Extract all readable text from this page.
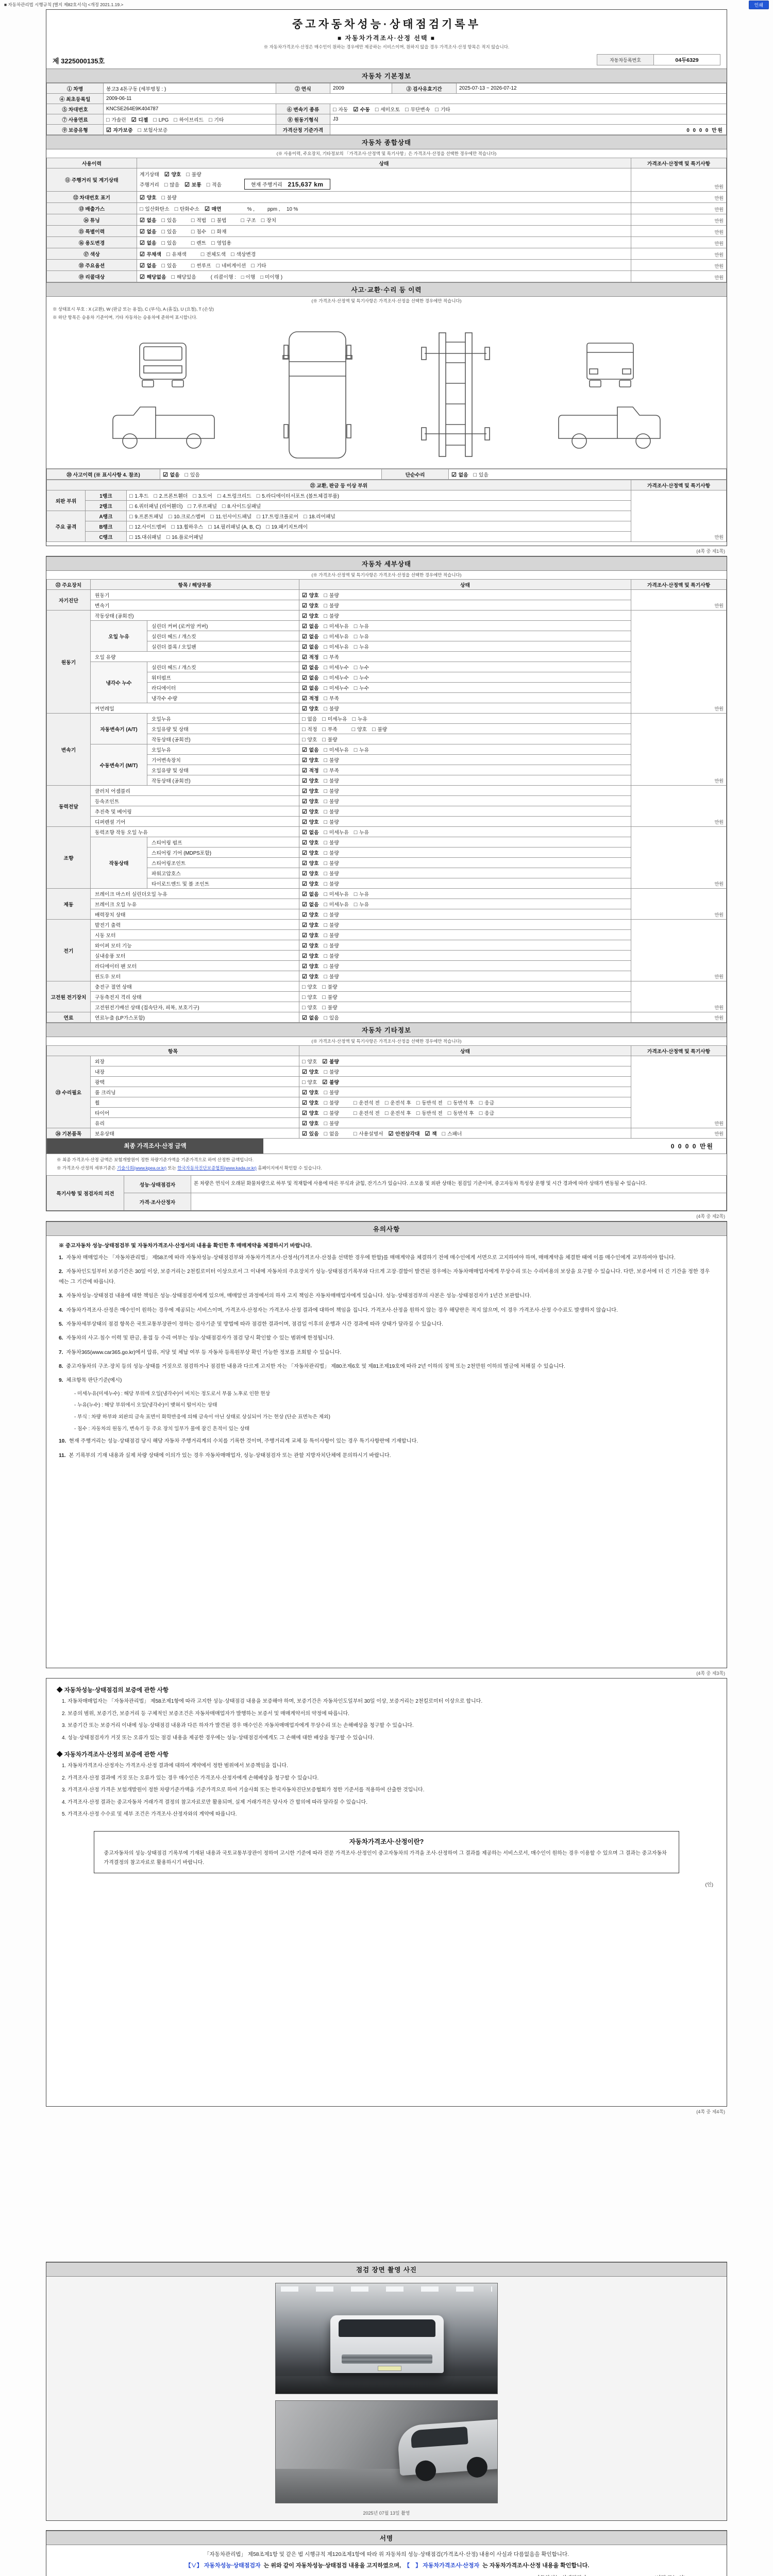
■ 자동차관리법 시행규칙 [별지 제82호서식] <개정 2021.1.19.>	인쇄
중고자동차성능·상태점검기록부
■ 자동차가격조사·산정 선택 ■
※ 자동차가격조사·산정은 매수인이 원하는 경우에만 제공하는 서비스이며, 원하지 않을 경우 가격조사·산정 항목은 적지 않습니다.
제 3225000135호	자동차등록번호	04두6329
자동차 기본정보
① 차명	봉고3 4톤구동 (세부명칭 : )	② 연식	2009	③ 검사유효기간	2025-07-13 ~ 2026-07-12
④ 최초등록일	2009-06-11				
⑤ 차대번호	KNCSE264E9K404787	⑥ 변속기 종류	□ 자동 ☑ 수동 □ 세미오토 □ 무단변속 □ 기타		
⑦ 사용연료	□ 가솔린 ☑ 디젤 □ LPG □ 하이브리드 □ 기타	⑧ 원동기형식	J3		
⑨ 보증유형	☑ 자가보증 □ 보험사보증	가격산정 기준가격	0 0 0 0 만원		
자동차 종합상태
(※ 사용이력, 주요장치, 기타정보의 「가격조사·산정액 및 특기사항」은 가격조사·산정을 선택한 경우에만 적습니다)
사용이력	상태	가격조사·산정액 및 특기사항
⑪ 주행거리 및 계기상태	계기상태 ☑ 양호 □ 불량
주행거리 □ 많음 ☑ 보통 □ 적음 현재 주행거리 215,637 km	만원
⑫ 차대번호 표기	☑ 양호 □ 불량	만원
⑬ 배출가스	□ 일산화탄소 □ 탄화수소 ☑ 매연 　　 % , 　　 ppm , 　10 %	만원
⑭ 튜닝	☑ 없음 □ 있음 □ 적법 □ 불법 □ 구조 □ 장치	만원
⑮ 특별이력	☑ 없음 □ 있음 □ 침수 □ 화재	만원
⑯ 용도변경	☑ 없음 □ 있음 □ 렌트 □ 영업용	만원
⑰ 색상	☑ 무채색 □ 유채색 □ 전체도색 □ 색상변경	만원
⑱ 주요옵션	☑ 없음 □ 있음 □ 썬루프 □ 네비게이션 □ 기타	만원
⑲ 리콜대상	☑ 해당없음 □ 해당있음 ( 리콜이행 :　□ 이행　□ 미이행 )	만원
사고·교환·수리 등 이력
(※ 가격조사·산정액 및 특기사항은 가격조사·산정을 선택한 경우에만 적습니다)
※ 상태표시 부호 : X (교환), W (판금 또는 용접), C (부식), A (흠집), U (요철), T (손상)
※ 하단 항목은 승용차 기준이며, 기타 자동차는 승용차에 준하여 표시합니다.
⑳ 사고이력 (※ 표시사항 4. 참조)	☑ 없음 □ 있음	단순수리	☑ 없음 □ 있음
㉑ 교환, 판금 등 이상 부위			가격조사·산정액 및 특기사항
외판 부위	1랭크	□ 1.후드 □ 2.프론트휀더 □ 3.도어 □ 4.트렁크리드 □ 5.라디에이터서포트 (볼트체결부품)	만원
	2랭크	□ 6.쿼터패널 (리어휀더) □ 7.루프패널 □ 8.사이드실패널	
주요 골격	A랭크	□ 9.프론트패널 □ 10.크로스멤버 □ 11.인사이드패널 □ 17.트렁크플로어 □ 18.리어패널	
	B랭크	□ 12.사이드멤버 □ 13.휠하우스 □ 14.필러패널 (A, B, C) □ 19.패키지트레이	
	C랭크	□ 15.대쉬패널 □ 16.플로어패널	
(4쪽 중 제1쪽)
자동차 세부상태
(※ 가격조사·산정액 및 특기사항은 가격조사·산정을 선택한 경우에만 적습니다)
㉒ 주요장치	항목 / 해당부품		상태	가격조사·산정액 및 특기사항
자기진단	원동기		☑ 양호 □ 불량	만원
	변속기		☑ 양호 □ 불량	
원동기	작동상태 (공회전)		☑ 양호 □ 불량	만원
	오일 누유	실린더 커버 (로커암 커버)	☑ 없음 □ 미세누유 □ 누유	
		실린더 헤드 / 개스킷	☑ 없음 □ 미세누유 □ 누유	
		실린더 블록 / 오일팬	☑ 없음 □ 미세누유 □ 누유	
	오일 유량		☑ 적정 □ 부족	
	냉각수 누수	실린더 헤드 / 개스킷	☑ 없음 □ 미세누수 □ 누수	
		워터펌프	☑ 없음 □ 미세누수 □ 누수	
		라디에이터	☑ 없음 □ 미세누수 □ 누수	
		냉각수 수량	☑ 적정 □ 부족	
	커먼레일		☑ 양호 □ 불량	
변속기	자동변속기 (A/T)	오일누유	□ 없음 □ 미세누유 □ 누유	만원
		오일유량 및 상태	□ 적정 □ 부족 □ 양호 □ 불량	
		작동상태 (공회전)	□ 양호 □ 불량	
	수동변속기 (M/T)	오일누유	☑ 없음 □ 미세누유 □ 누유	
		기어변속장치	☑ 양호 □ 불량	
		오일유량 및 상태	☑ 적정 □ 부족	
		작동상태 (공회전)	☑ 양호 □ 불량	
동력전달	클러치 어셈블리		☑ 양호 □ 불량	만원
	등속조인트		☑ 양호 □ 불량	
	추진축 및 베어링		☑ 양호 □ 불량	
	디퍼렌셜 기어		☑ 양호 □ 불량	
조향	동력조향 작동 오일 누유		☑ 없음 □ 미세누유 □ 누유	만원
	작동상태	스티어링 펌프	☑ 양호 □ 불량	
		스티어링 기어 (MDPS포함)	☑ 양호 □ 불량	
		스티어링조인트	☑ 양호 □ 불량	
		파워고압호스	☑ 양호 □ 불량	
		타이로드엔드 및 볼 조인트	☑ 양호 □ 불량	
제동	브레이크 마스터 실린더오일 누유		☑ 없음 □ 미세누유 □ 누유	만원
	브레이크 오일 누유		☑ 없음 □ 미세누유 □ 누유	
	배력장치 상태		☑ 양호 □ 불량	
전기	발전기 출력		☑ 양호 □ 불량	만원
	시동 모터		☑ 양호 □ 불량	
	와이퍼 모터 기능		☑ 양호 □ 불량	
	실내송풍 모터		☑ 양호 □ 불량	
	라디에이터 팬 모터		☑ 양호 □ 불량	
	윈도우 모터		☑ 양호 □ 불량	
고전원 전기장치	충전구 절연 상태		□ 양호 □ 불량	만원
	구동축전지 격리 상태		□ 양호 □ 불량	
	고전원전기배선 상태 (접속단자, 피복, 보호기구)		□ 양호 □ 불량	
연료	연료누출 (LP가스포함)		☑ 없음 □ 있음	만원
자동차 기타정보
(※ 가격조사·산정액 및 특기사항은 가격조사·산정을 선택한 경우에만 적습니다)
항목		상태	가격조사·산정액 및 특기사항
㉓ 수리필요	외장	□ 양호 ☑ 불량	만원
	내장	☑ 양호 □ 불량	
	광택	□ 양호 ☑ 불량	
	룸 크리닝	☑ 양호 □ 불량	
	휠	☑ 양호 □ 불량 □ 운전석 전 □ 운전석 후 □ 동반석 전 □ 동반석 후 □ 응급	
	타이어	☑ 양호 □ 불량 □ 운전석 전 □ 운전석 후 □ 동반석 전 □ 동반석 후 □ 응급	
	유리	☑ 양호 □ 불량	
㉔ 기본품목	보유상태	☑ 있음 □ 없음 □ 사용설명서 ☑ 안전삼각대 ☑ 잭 □ 스패너	만원
최종 가격조사·산정 금액	0 0 0 0 만원
※ 최종 가격조사·산정 금액은 보험개발원이 정한 차량기준가액을 기준가격으로 하여 산정한 금액입니다.
※ 가격조사·산정의 세부기준은 기술사회(www.kpea.or.kr) 또는 한국자동차진단보증협회(www.kada.or.kr) 홈페이지에서 확인할 수 있습니다.
특기사항 및 점검자의 의견	성능·상태점검자	본 차량은 연식이 오래된 화물차량으로 하부 및 적재함에 사용에 따른 부식과 긁힘, 잔기스가 있습니다. 소모품 및 외판 상태는 점검일 기준이며, 중고자동차 특성상 운행 및 시간 경과에 따라 상태가 변동될 수 있습니다.
	가격·조사산정자	
(4쪽 중 제2쪽)
유의사항
※ 중고자동차 성능·상태점검부 및 자동차가격조사·산정서의 내용을 확인한 후 매매계약을 체결하시기 바랍니다.
1. 자동차 매매업자는 「자동차관리법」 제58조에 따라 자동차성능·상태점검부와 자동차가격조사·산정서(가격조사·산정을 선택한 경우에 한함)를 매매계약을 체결하기 전에 매수인에게 서면으로 고지하여야 하며, 매매계약을 체결한 때에 이를 매수인에게 교부하여야 합니다.
2. 자동차인도일부터 보증기간은 30일 이상, 보증거리는 2천킬로미터 이상으로서 그 이내에 자동차의 주요장치가 성능·상태점검기록부와 다르게 고장·결함이 발견된 경우에는 자동차매매업자에게 무상수리 또는 수리비용의 보상을 요구할 수 있습니다. 다만, 보증서에 더 긴 기간을 정한 경우에는 그 기간에 따릅니다.
3. 자동차성능·상태점검 내용에 대한 책임은 성능·상태점검자에게 있으며, 매매알선 과정에서의 하자 고지 책임은 자동차매매업자에게 있습니다. 성능·상태점검부의 사본은 성능·상태점검자가 1년간 보관합니다.
4. 자동차가격조사·산정은 매수인이 원하는 경우에 제공되는 서비스이며, 가격조사·산정자는 가격조사·산정 결과에 대하여 책임을 집니다. 가격조사·산정을 원하지 않는 경우 해당란은 적지 않으며, 이 경우 가격조사·산정 수수료도 발생하지 않습니다.
5. 자동차세부상태의 점검 항목은 국토교통부장관이 정하는 검사기준 및 방법에 따라 점검한 결과이며, 점검일 이후의 운행과 시간 경과에 따라 상태가 달라질 수 있습니다.
6. 자동차의 사고·침수 이력 및 판금, 용접 등 수리 여부는 성능·상태점검자가 점검 당시 확인할 수 있는 범위에 한정됩니다.
7. 자동차365(www.car365.go.kr)에서 압류, 저당 및 체납 여부 등 자동차 등록원부상 확인 가능한 정보를 조회할 수 있습니다.
8. 중고자동차의 구조·장치 등의 성능·상태를 거짓으로 점검하거나 점검한 내용과 다르게 고지한 자는 「자동차관리법」 제80조제6호 및 제81조제19호에 따라 2년 이하의 징역 또는 2천만원 이하의 벌금에 처해질 수 있습니다.
9. 체크항목 판단기준(예시)
- 미세누유(미세누수) : 해당 부위에 오일(냉각수)이 비치는 정도로서 부품 노후로 인한 현상
- 누유(누수) : 해당 부위에서 오일(냉각수)이 맺혀서 떨어지는 상태
- 부식 : 차량 하부와 외판의 금속 표면이 화학반응에 의해 금속이 아닌 상태로 상실되어 가는 현상 (단순 표면녹은 제외)
- 침수 : 자동차의 원동기, 변속기 등 주요 장치 일부가 물에 잠긴 흔적이 있는 상태
10. 현재 주행거리는 성능·상태점검 당시 해당 자동차 주행거리계의 수치를 기록한 것이며, 주행거리계 교체 등 특이사항이 있는 경우 특기사항란에 기재합니다.
11. 본 기록부의 기재 내용과 실제 차량 상태에 이의가 있는 경우 자동차매매업자, 성능·상태점검자 또는 관할 지방자치단체에 문의하시기 바랍니다.
(4쪽 중 제3쪽)
◆ 자동차성능·상태점검의 보증에 관한 사항
1. 자동차매매업자는 「자동차관리법」 제58조제1항에 따라 고지한 성능·상태점검 내용을 보증해야 하며, 보증기간은 자동차인도일부터 30일 이상, 보증거리는 2천킬로미터 이상으로 합니다.
2. 보증의 범위, 보증기간, 보증거리 등 구체적인 보증조건은 자동차매매업자가 발행하는 보증서 및 매매계약서의 약정에 따릅니다.
3. 보증기간 또는 보증거리 이내에 성능·상태점검 내용과 다른 하자가 발견된 경우 매수인은 자동차매매업자에게 무상수리 또는 손해배상을 청구할 수 있습니다.
4. 성능·상태점검자가 거짓 또는 오류가 있는 점검 내용을 제공한 경우에는 성능·상태점검자에게도 그 손해에 대한 배상을 청구할 수 있습니다.
◆ 자동차가격조사·산정의 보증에 관한 사항
1. 자동차가격조사·산정자는 가격조사·산정 결과에 대하여 계약에서 정한 범위에서 보증책임을 집니다.
2. 가격조사·산정 결과에 거짓 또는 오류가 있는 경우 매수인은 가격조사·산정자에게 손해배상을 청구할 수 있습니다.
3. 가격조사·산정 가격은 보험개발원이 정한 차량기준가액을 기준가격으로 하여 기술사회 또는 한국자동차진단보증협회가 정한 기준서를 적용하여 산출한 것입니다.
4. 가격조사·산정 결과는 중고자동차 거래가격 결정의 참고자료로만 활용되며, 실제 거래가격은 당사자 간 합의에 따라 달라질 수 있습니다.
5. 가격조사·산정 수수료 및 세부 조건은 가격조사·산정자와의 계약에 따릅니다.
자동차가격조사·산정이란?
중고자동차의 성능·상태점검 기록부에 기재된 내용과 국토교통부장관이 정하여 고시한 기준에 따라 전문 가격조사·산정인이 중고자동차의 가격을 조사·산정하여 그 결과를 제공하는 서비스로서, 매수인이 원하는 경우 이용할 수 있으며 그 결과는 중고자동차 가격결정의 참고자료로 활용하시기 바랍니다.
(인)
(4쪽 중 제4쪽)
점검 장면 촬영 사진
2025년 07월 13일 촬영
서명
「자동차관리법」 제58조제1항 및 같은 법 시행규칙 제120조제1항에 따라 위 자동차의 성능·상태점검(가격조사·산정) 내용이 사실과 다름없음을 확인합니다.
【∨】 자동차성능·상태점검자 는 위와 같이 자동차성능·상태점검 내용을 고지하였으며, 【　】 자동차가격조사·산정자 는 자동차가격조사·산정 내용을 확인합니다.
